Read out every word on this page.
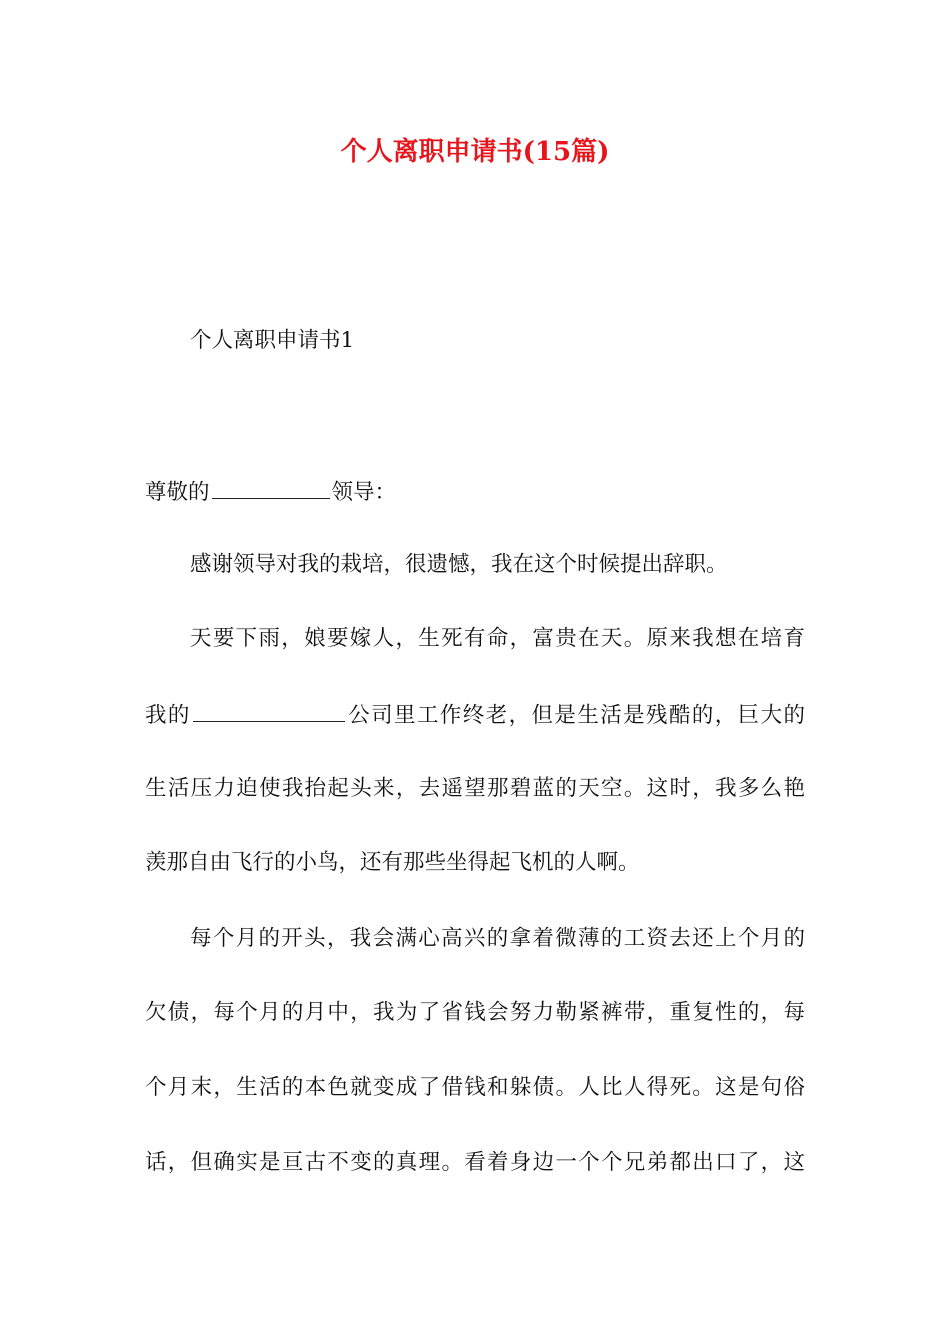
个人离职申请书(15篇)
个人离职申请书1
尊敬的	领导：
感谢领导对我的栽培，很遗憾，我在这个时候提出辞职。
天要下雨，娘要嫁人，生死有命，富贵在天。原来我想在培育
我的	公司里工作终老，但是生活是残酷的，巨大的
生活压力迫使我抬起头来，去遥望那碧蓝的天空。这时，我多么艳
羡那自由飞行的小鸟，还有那些坐得起飞机的人啊。
每个月的开头，我会满心高兴的拿着微薄的工资去还上个月的
欠债，每个月的月中，我为了省钱会努力勒紧裤带，重复性的，每
个月末，生活的本色就变成了借钱和躲债。人比人得死。这是句俗
话，但确实是亘古不变的真理。看着身边一个个兄弟都出口了，这
